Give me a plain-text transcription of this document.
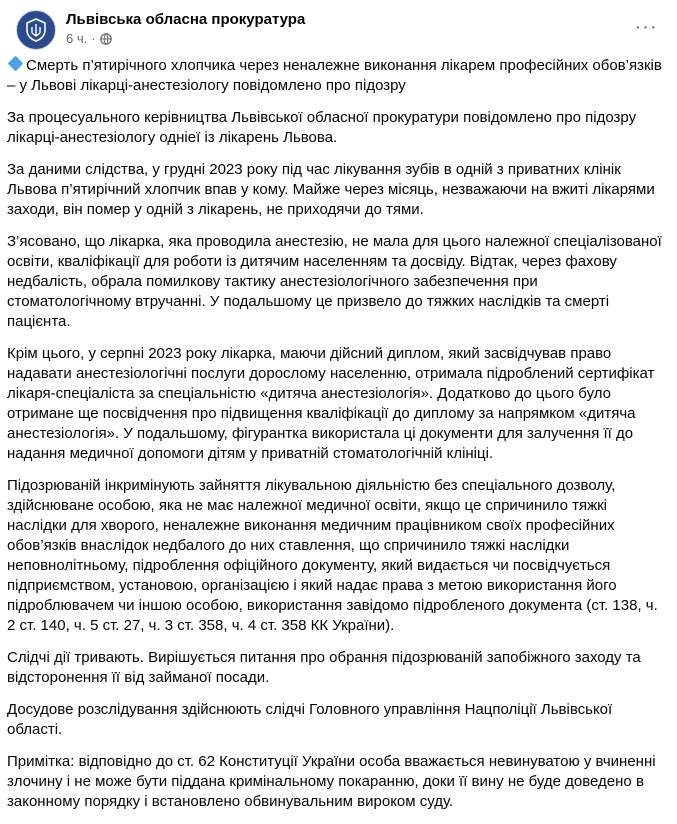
Львівська обласна прокуратура
6 ч. ·
···

Смерть п’ятирічного хлопчика через неналежне виконання лікарем професійних обов’язків – у Львові лікарці-анестезіологу повідомлено про підозру

За процесуального керівництва Львівської обласної прокуратури повідомлено про підозру лікарці-анестезіологу одніеї із лікарень Львова.

За даними слідства, у грудні 2023 року під час лікування зубів в одній з приватних клінік Львова п’ятирічний хлопчик впав у кому. Майже через місяць, незважаючи на вжиті лікарями заходи, він помер у одній з лікарень, не приходячи до тями.

З’ясовано, що лікарка, яка проводила анестезію, не мала для цього належної спеціалізованої освіти, кваліфікації для роботи із дитячим населенням та досвіду. Відтак, через фахову недбалість, обрала помилкову тактику анестезіологічного забезпечення при стоматологічному втручанні. У подальшому це призвело до тяжких наслідків та смерті пацієнта.

Крім цього, у серпні 2023 року лікарка, маючи дійсний диплом, який засвідчував право надавати анестезіологічні послуги дорослому населенню, отримала підроблений сертифікат лікаря-спеціаліста за спеціальністю «дитяча анестезіологія». Додатково до цього було отримане ще посвідчення про підвищення кваліфікації до диплому за напрямком «дитяча анестезіологія». У подальшому, фігурантка використала ці документи для залучення її до надання медичної допомоги дітям у приватній стоматологічній клініці.

Підозрюваній інкримінують зайняття лікувальною діяльністю без спеціального дозволу, здійснюване особою, яка не має належної медичної освіти, якщо це спричинило тяжкі наслідки для хворого, неналежне виконання медичним працівником своїх професійних обов’язків внаслідок недбалого до них ставлення, що спричинило тяжкі наслідки неповнолітньому, підроблення офіційного документу, який видається чи посвідчується підприємством, установою, організацією і який надає права з метою використання його підроблювачем чи іншою особою, використання завідомо підробленого документа (ст. 138, ч. 2 ст. 140, ч. 5 ст. 27, ч. 3 ст. 358, ч. 4 ст. 358 КК України).

Слідчі дії тривають. Вирішується питання про обрання підозрюваній запобіжного заходу та відсторонення її від займаної посади.

Досудове розслідування здійснюють слідчі Головного управління Нацполіції Львівської області.

Примітка: відповідно до ст. 62 Конституції України особа вважається невинуватою у вчиненні злочину і не може бути піддана кримінальному покаранню, доки її вину не буде доведено в законному порядку і встановлено обвинувальним вироком суду.
